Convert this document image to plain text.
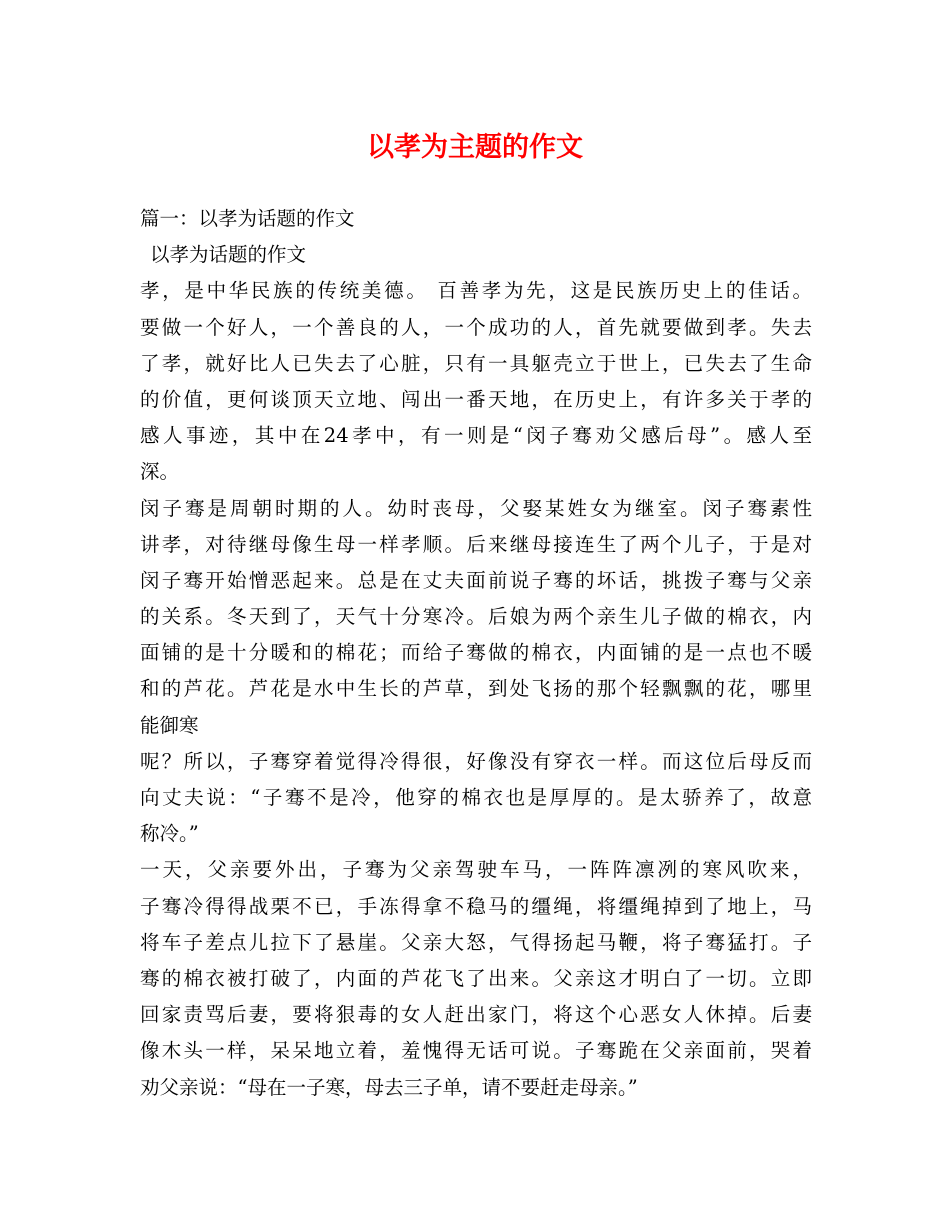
以孝为主题的作文
篇一：以孝为话题的作文
以孝为话题的作文
孝，是中华民族的传统美德。 百善孝为先，这是民族历史上的佳话。
要做一个好人，一个善良的人，一个成功的人，首先就要做到孝。失去
了孝，就好比人已失去了心脏，只有一具躯壳立于世上，已失去了生命
的价值，更何谈顶天立地、闯出一番天地，在历史上，有许多关于孝的
感人事迹，其中在24孝中，有一则是“闵子骞劝父感后母”。感人至
深。
闵子骞是周朝时期的人。幼时丧母，父娶某姓女为继室。闵子骞素性
讲孝，对待继母像生母一样孝顺。后来继母接连生了两个儿子，于是对
闵子骞开始憎恶起来。总是在丈夫面前说子骞的坏话，挑拨子骞与父亲
的关系。冬天到了，天气十分寒冷。后娘为两个亲生儿子做的棉衣，内
面铺的是十分暖和的棉花；而给子骞做的棉衣，内面铺的是一点也不暖
和的芦花。芦花是水中生长的芦草，到处飞扬的那个轻飘飘的花，哪里
能御寒
呢？所以，子骞穿着觉得冷得很，好像没有穿衣一样。而这位后母反而
向丈夫说：“子骞不是冷，他穿的棉衣也是厚厚的。是太骄养了，故意
称冷。”
一天，父亲要外出，子骞为父亲驾驶车马，一阵阵凛冽的寒风吹来，
子骞冷得得战栗不已，手冻得拿不稳马的缰绳，将缰绳掉到了地上，马
将车子差点儿拉下了悬崖。父亲大怒，气得扬起马鞭，将子骞猛打。子
骞的棉衣被打破了，内面的芦花飞了出来。父亲这才明白了一切。立即
回家责骂后妻，要将狠毒的女人赶出家门，将这个心恶女人休掉。后妻
像木头一样，呆呆地立着，羞愧得无话可说。子骞跪在父亲面前，哭着
劝父亲说：“母在一子寒，母去三子单，请不要赶走母亲。”
